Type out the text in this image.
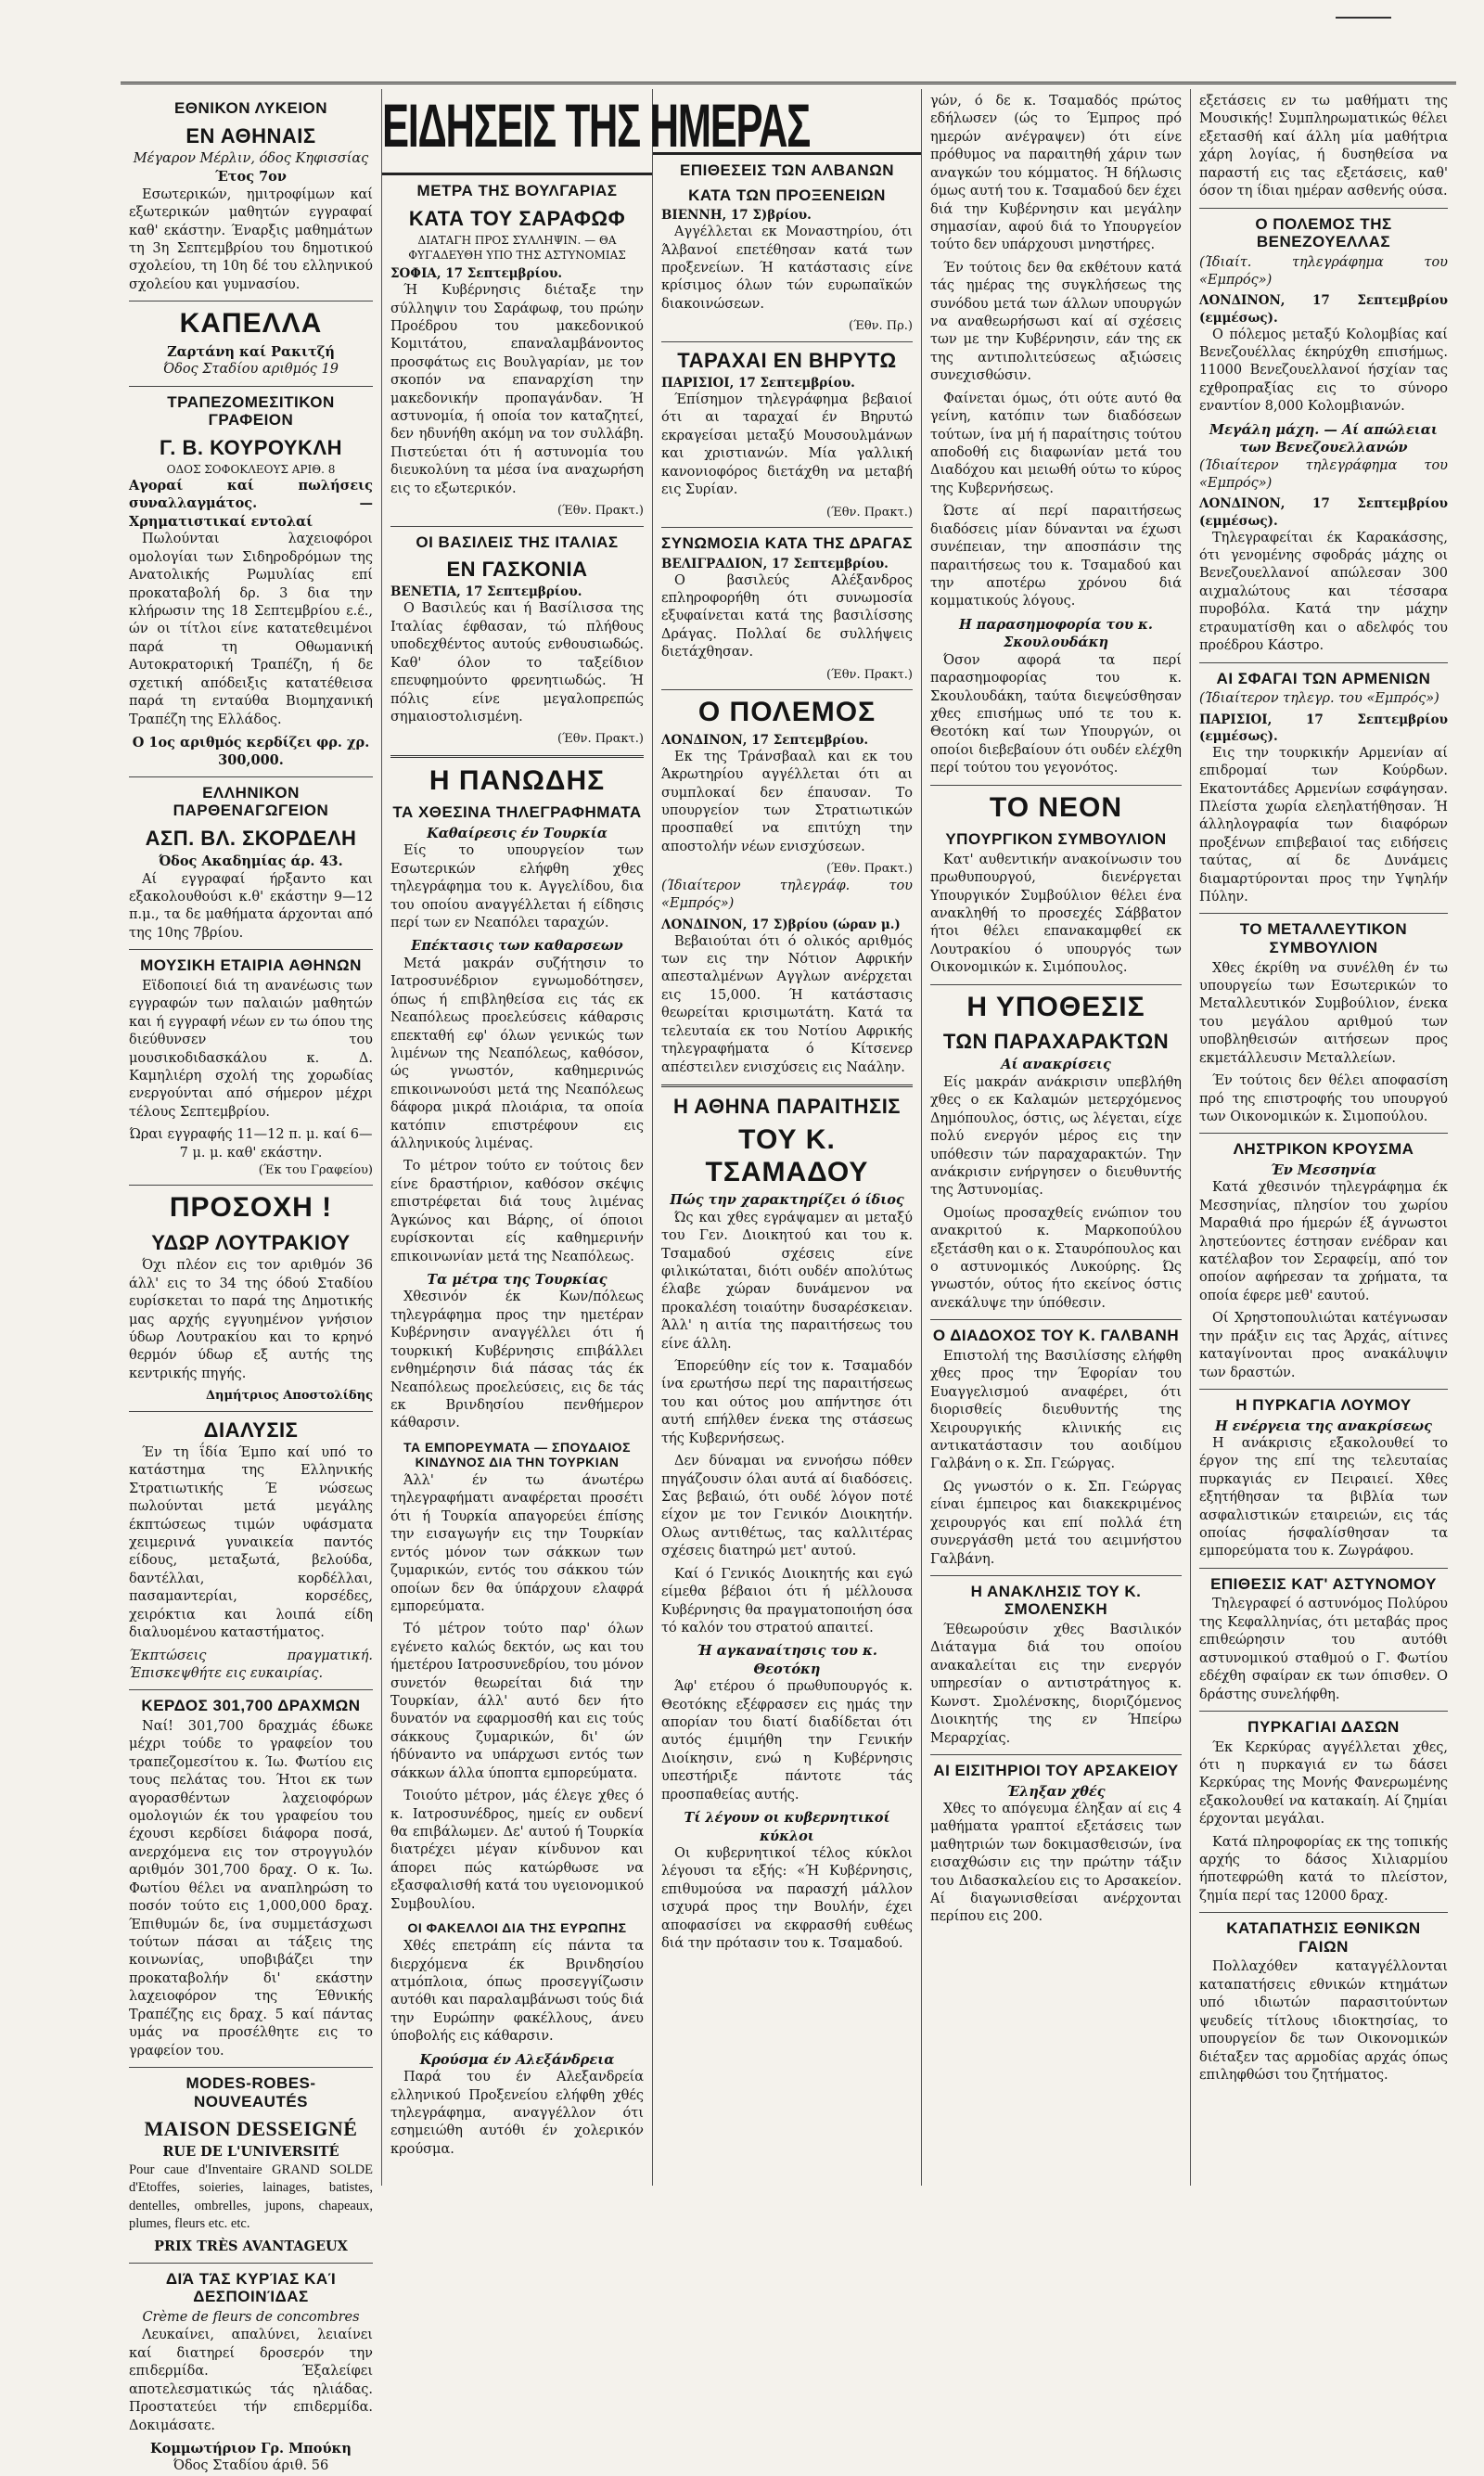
ΕΘΝΙΚΟΝ ΛΥΚΕΙΟΝ
ΕΝ ΑΘΗΝΑΙΣ
Μέγαρον Μέρλιν, όδος Κηφισσίας
Έτος 7ον

Εσωτερικών, ημιτροφίμων καί εξωτερικών μαθητών εγγραφαί καθ' εκάστην. Έναρξις μαθημάτων τη 3η Σεπτεμβρίου του δημοτικού σχολείου, τη 10η δέ του ελληνικού σχολείου και γυμνασίου.

ΚΑΠΕΛΛΑ
Ζαρτάνη καί Ρακιτζή
Όδος Σταδίου αριθμός 19
ΤΡΑΠΕΖΟΜΕΣΙΤΙΚΟΝ ΓΡΑΦΕΙΟΝ
Γ. Β. ΚΟΥΡΟΥΚΛΗ
ΟΔΟΣ ΣΟΦΟΚΛΕΟΥΣ ΑΡΙΘ. 8
Αγοραί καί πωλήσεις συναλλαγμάτος. — Χρηματιστικαί εντολαί

Πωλούνται λαχειοφόροι ομολογίαι των Σιδηροδρόμων της Ανατολικής Ρωμυλίας επί προκαταβολή δρ. 3 δια την κλήρωσιν της 18 Σεπτεμβρίου ε.έ., ών οι τίτλοι είνε κατατεθειμένοι παρά τη Οθωμανική Αυτοκρατορική Τραπέζη, ή δε σχετική απόδειξις κατατέθεισα παρά τη ενταύθα Βιομηχανική Τραπέζη της Ελλάδος.

Ο 1ος αριθμός κερδίζει φρ. χρ. 300,000.
ΕΛΛΗΝΙΚΟΝ ΠΑΡΘΕΝΑΓΩΓΕΙΟΝ
ΑΣΠ. ΒΛ. ΣΚΟΡΔΕΛΗ
Όδος Ακαδημίας άρ. 43.

Αί εγγραφαί ήρξαντο και εξακολουθούσι κ.θ' εκάστην 9—12 π.μ., τα δε μαθήματα άρχονται από της 10ης 7βρίου.

ΜΟΥΣΙΚΗ ΕΤΑΙΡΙΑ ΑΘΗΝΩΝ

Εϊδοποιεί διά τη ανανέωσις των εγγραφών των παλαιών μαθητών και ή εγγραφή νέων εν τω όπου της διεύθυνσεν του μουσικοδιδασκάλου κ. Δ. Καμηλιέρη σχολή της χορωδίας ενεργούνται από σήμερον μέχρι τέλους Σεπτεμβρίου.

Ώραι εγγραφής 11—12 π. μ. καί 6—7 μ. μ. καθ' εκάστην.
(Έκ του Γραφείου)
ΠΡΟΣΟΧΗ !
ΥΔΩΡ ΛΟΥΤΡΑΚΙΟΥ

Όχι πλέον εις τον αριθμόν 36 άλλ' εις το 34 της όδού Σταδίου ευρίσκεται το παρά της Δημοτικής μας αρχής εγγυημένον γνήσιον ύδωρ Λουτρακίου και το κρηνό θερμόν ύδωρ εξ αυτής της κεντρικής πηγής.

Δημήτριος Αποστολίδης
ΔΙΑΛΥΣΙΣ

Έν τη ΐδία Έμπο καί υπό το κατάστημα της Ελληνικής Στρατιωτικής Έ νώσεως πωλούνται μετά μεγάλης έκπτώσεως τιμών υφάσματα χειμερινά γυναικεία παντός είδους, μεταξωτά, βελούδα, δαντέλλαι, κορδέλλαι, πασαμαντερίαι, κορσέδες, χειρόκτια και λοιπά είδη διαλυομένου καταστήματος.

Έκπτώσεις πραγματική. Έπισκεψθήτε εις ευκαιρίας.
ΚΕΡΔΟΣ 301,700 ΔΡΑΧΜΩΝ

Ναί! 301,700 δραχμάς έδωκε μέχρι τούδε το γραφείον του τραπεζομεσίτου κ. Ίω. Φωτίου εις τους πελάτας του. Ήτοι εκ των αγορασθέντων λαχειοφόρων ομολογιών έκ του γραφείου του έχουσι κερδίσει διάφορα ποσά, ανερχόμενα εις τον στρογγυλόν αριθμόν 301,700 δραχ. Ο κ. Ίω. Φωτίου θέλει να αναπληρώση το ποσόν τούτο εις 1,000,000 δραχ. Έπιθυμών δε, ίνα συμμετάσχωσι τούτων πάσαι αι τάξεις της κοινωνίας, υποβιβάζει την προκαταβολήν δι' εκάστην λαχειοφόρον της Έθνικής Τραπέζης εις δραχ. 5 καί πάντας υμάς να προσέλθητε εις το γραφείον του.

MODES-ROBES-NOUVEAUTÉS
MAISON DESSEIGNÉ
RUE DE L'UNIVERSITÉ

Pour caue d'Inventaire GRAND SOLDE d'Etoffes, soieries, lainages, batistes, dentelles, ombrelles, jupons, chapeaux, plumes, fleurs etc. etc.

PRIX TRÈS AVANTAGEUX
ΔΙΆ ΤΆΣ ΚΥΡΊΑΣ ΚΑΊ ΔΕΣΠΟΙΝΊΔΑΣ
Crème de fleurs de concombres

Λευκαίνει, απαλύνει, λειαίνει καί διατηρεί δροσερόν την επιδερμίδα. Έξαλείφει αποτελεσματικώς τάς ηλιάδας. Προστατεύει τήν επιδερμίδα. Δοκιμάσατε.

Κομμωτήριον Γρ. Μπούκη
Όδος Σταδίου άριθ. 56
ΕΙΔΗΣΕΙΣ ΤΗΣ ΗΜΕΡΑΣ
ΜΕΤΡΑ ΤΗΣ ΒΟΥΛΓΑΡΙΑΣ
ΚΑΤΑ ΤΟΥ ΣΑΡΑΦΩΦ
ΔΙΑΤΑΓΗ ΠΡΟΣ ΣΥΛΛΗΨΙΝ. — ΘΑ ΦΥΓΑΔΕΥΘΗ ΥΠΟ ΤΗΣ ΑΣΤΥΝΟΜΙΑΣ
ΣΟΦΙΑ, 17 Σεπτεμβρίου.

Ή Κυβέρνησις διέταξε την σύλληψιν του Σαράφωφ, του πρώην Προέδρου του μακεδονικού Κομιτάτου, επαναλαμβάνοντος προσφάτως εις Βουλγαρίαν, με τον σκοπόν να επαναρχίση την μακεδονικήν προπαγάνδαν. Ή αστυνομία, ή οποία τον καταζητεί, δεν ηδυνήθη ακόμη να τον συλλάβη. Πιστεύεται ότι ή αστυνομία του διευκολύνη τα μέσα ίνα αναχωρήση εις το εξωτερικόν.

(Έθν. Πρακτ.)
ΟΙ ΒΑΣΙΛΕΙΣ ΤΗΣ ΙΤΑΛΙΑΣ
ΕΝ ΓΑΣΚΟΝΙΑ
ΒΕΝΕΤΙΑ, 17 Σεπτεμβρίου.

Ο Βασιλεύς και ή Βασίλισσα της Ιταλίας έφθασαν, τώ πλήθους υποδεχθέντος αυτούς ενθουσιωδώς. Καθ' όλον το ταξείδιον επευφημούντο φρενητιωδώς. Ή πόλις είνε μεγαλοπρεπώς σημαιοστολισμένη.

(Έθν. Πρακτ.)
Η ΠΑΝΩΔΗΣ
ΤΑ ΧΘΕΣΙΝΑ ΤΗΛΕΓΡΑΦΗΜΑΤΑ
Καθαίρεσις έν Τουρκία

Είς το υπουργείον των Εσωτερικών ελήφθη χθες τηλεγράφημα του κ. Αγγελίδου, δια του οποίου αναγγέλλεται ή είδησις περί των εν Νεαπόλει ταραχών.

Επέκτασις των καθαρσεων

Μετά μακράν συζήτησιν το Ιατροσυνέδριον εγνωμοδότησεν, όπως ή επιβληθείσα εις τάς εκ Νεαπόλεως προελεύσεις κάθαρσις επεκταθή εφ' όλων γενικώς των λιμένων της Νεαπόλεως, καθόσον, ώς γνωστόν, καθημερινώς επικοινωνούσι μετά της Νεαπόλεως δάφορα μικρά πλοιάρια, τα οποία κατόπιν επιστρέφουν εις άλληνικούς λιμένας.

Το μέτρον τούτο εν τούτοις δεν είνε δραστήριον, καθόσον σκέψις επιστρέφεται διά τους λιμένας Άγκώνος και Βάρης, οί όποιοι ευρίσκονται είς καθημερινήν επικοινωνίαν μετά της Νεαπόλεως.

Τα μέτρα της Τουρκίας

Χθεσινόν έκ Κων/πόλεως τηλεγράφημα προς την ημετέραν Κυβέρνησιν αναγγέλλει ότι ή τουρκική Κυβέρνησις επιβάλλει ενθημέρησιν διά πάσας τάς έκ Νεαπόλεως προελεύσεις, εις δε τάς εκ Βρινδησίου πενθήμερον κάθαρσιν.

ΤΑ ΕΜΠΟΡΕΥΜΑΤΑ — ΣΠΟΥΔΑΙΟΣ ΚΙΝΔΥΝΟΣ ΔΙΑ ΤΗΝ ΤΟΥΡΚΙΑΝ

Άλλ' έν τω άνωτέρω τηλεγραφήματι αναφέρεται προσέτι ότι ή Τουρκία απαγορεύει έπίσης την εισαγωγήν εις την Τουρκίαν εντός μόνον των σάκκων των ζυμαρικών, εντός του σάκκου τών οποίων δεν θα ύπάρχουν ελαφρά εμπορεύματα.

Τό μέτρον τούτο παρ' όλων εγένετο καλώς δεκτόν, ως και του ήμετέρου Ιατροσυνεδρίου, του μόνον συνετόν θεωρείται διά την Τουρκίαν, άλλ' αυτό δεν ήτο δυνατόν να εφαρμοσθή και εις τούς σάκκους ζυμαρικών, δι' ών ήδύναντο να υπάρχωσι εντός των σάκκων άλλα ύποπτα εμπορεύματα.

Τοιούτο μέτρον, μάς έλεγε χθες ό κ. Ιατροσυνέδρος, ημείς εν ουδενί θα επιβάλωμεν. Δε' αυτού ή Τουρκία διατρέχει μέγαν κίνδυνον και άπορει πώς κατώρθωσε να εξασφαλισθή κατά του υγειονομικού Συμβουλίου.

ΟΙ ΦΑΚΕΛΛΟΙ ΔΙΑ ΤΗΣ ΕΥΡΩΠΗΣ

Χθές επετράπη είς πάντα τα διερχόμενα έκ Βρινδησίου ατμόπλοια, όπως προσεγγίζωσιν αυτόθι και παραλαμβάνωσι τούς διά την Ευρώπην φακέλλους, άνευ ύποβολής εις κάθαρσιν.

Κρούσμα έν Αλεξάνδρεια

Παρά του έν Αλεξανδρεία ελληνικού Προξενείου ελήφθη χθές τηλεγράφημα, αναγγέλλον ότι εσημειώθη αυτόθι έν χολερικόν κρούσμα.

ΕΠΙΘΕΣΕΙΣ ΤΩΝ ΑΛΒΑΝΩΝ
ΚΑΤΑ ΤΩΝ ΠΡΟΞΕΝΕΙΩΝ
ΒΙΕΝΝΗ, 17 Σ)βρίου.

Αγγέλλεται εκ Μοναστηρίου, ότι Άλβανοί επετέθησαν κατά των προξενείων. Ή κατάστασις είνε κρίσιμος όλων τών ευρωπαϊκών διακοινώσεων.

(Έθν. Πρ.)
ΤΑΡΑΧΑΙ ΕΝ ΒΗΡΥΤΩ
ΠΑΡΙΣΙΟΙ, 17 Σεπτεμβρίου.

Έπίσημον τηλεγράφημα βεβαιοί ότι αι ταραχαί έν Βηρυτώ εκραγείσαι μεταξύ Μουσουλμάνων και χριστιανών. Μία γαλλική κανονιοφόρος διετάχθη να μεταβή εις Συρίαν.

(Έθν. Πρακτ.)
ΣΥΝΩΜΟΣΙΑ ΚΑΤΑ ΤΗΣ ΔΡΑΓΑΣ
ΒΕΛΙΓΡΑΔΙΟΝ, 17 Σεπτεμβρίου.

Ο βασιλεύς Αλέξανδρος επληροφορήθη ότι συνωμοσία εξυφαίνεται κατά της βασιλίσσης Δράγας. Πολλαί δε συλλήψεις διετάχθησαν.

(Έθν. Πρακτ.)
Ο ΠΟΛΕΜΟΣ
ΛΟΝΔΙΝΟΝ, 17 Σεπτεμβρίου.

Εκ της Τράνσβααλ και εκ του Άκρωτηρίου αγγέλλεται ότι αι συμπλοκαί δεν έπαυσαν. Το υπουργείον των Στρατιωτικών προσπαθεί να επιτύχη την αποστολήν νέων ενισχύσεων.

(Έθν. Πρακτ.)
(Ίδιαίτερον τηλεγράφ. του «Εμπρός»)
ΛΟΝΔΙΝΟΝ, 17 Σ)βρίου (ώραν μ.)

Βεβαιούται ότι ό ολικός αριθμός των εις την Νότιον Αφρικήν απεσταλμένων Αγγλων ανέρχεται εις 15,000. Ή κατάστασις θεωρείται κρισιμωτάτη. Κατά τα τελευταία εκ του Νοτίου Αφρικής τηλεγραφήματα ό Κίτσενερ απέστειλεν ενισχύσεις εις Ναάλην.

Η ΑΘΗΝΑ ΠΑΡΑΙΤΗΣΙΣ
ΤΟΥ Κ. ΤΣΑΜΑΔΟΥ
Πώς την χαρακτηρίζει ό ίδιος

Ώς και χθες εγράψαμεν αι μεταξύ του Γεν. Διοικητού και του κ. Τσαμαδού σχέσεις είνε φιλικώταται, διότι ουδέν απολύτως έλαβε χώραν δυνάμενον να προκαλέση τοιαύτην δυσαρέσκειαν. Άλλ' η αιτία της παραιτήσεως του είνε άλλη.

Έπορεύθην είς τον κ. Τσαμαδόν ίνα ερωτήσω περί της παραιτήσεως του και ούτος μου απήντησε ότι αυτή επήλθεν ένεκα της στάσεως τής Κυβερνήσεως.

Δεν δύναμαι να εννοήσω πόθεν πηγάζουσιν όλαι αυτά αί διαδόσεις. Σας βεβαιώ, ότι ουδέ λόγον ποτέ είχον με τον Γενικόν Διοικητήν. Ολως αντιθέτως, τας καλλιτέρας σχέσεις διατηρώ μετ' αυτού.

Καί ό Γενικός Διοικητής και εγώ είμεθα βέβαιοι ότι ή μέλλουσα Κυβέρνησις θα πραγματοποιήση όσα τό καλόν του στρατού απαιτεί.

Ή αγκαναίτησις του κ. Θεοτόκη

Άφ' ετέρου ό πρωθυπουργός κ. Θεοτόκης εξέφρασεν εις ημάς την απορίαν του διατί διαδίδεται ότι αυτός έμιμήθη την Γενικήν Διοίκησιν, ενώ η Κυβέρνησις υπεστήριξε πάντοτε τάς προσπαθείας αυτής.

Τί λέγουν οι κυβερνητικοί κύκλοι

Οι κυβερνητικοί τέλος κύκλοι λέγουσι τα εξής: «Ή Κυβέρνησις, επιθυμούσα να παρασχή μάλλον ισχυρά προς την Βουλήν, έχει αποφασίσει να εκφρασθή ευθέως διά την πρότασιν του κ. Τσαμαδού.

γών, ό δε κ. Τσαμαδός πρώτος εδήλωσεν (ώς το Έμπρος πρό ημερών ανέγραψεν) ότι είνε πρόθυμος να παραιτηθή χάριν των αναγκών του κόμματος. Ή δήλωσις όμως αυτή του κ. Τσαμαδού δεν έχει διά την Κυβέρνησιν και μεγάλην σημασίαν, αφού διά το Υπουργείον τούτο δεν υπάρχουσι μνηστήρες.

Έν τούτοις δεν θα εκθέτουν κατά τάς ημέρας της συγκλήσεως της συνόδου μετά των άλλων υπουργών να αναθεωρήσωσι καί αί σχέσεις των με την Κυβέρνησιν, εάν της εκ της αντιπολιτεύσεως αξιώσεις συνεχισθώσιν.

Φαίνεται όμως, ότι ούτε αυτό θα γείνη, κατόπιν των διαδόσεων τούτων, ίνα μή ή παραίτησις τούτου αποδοθή εις διαφωνίαν μετά του Διαδόχου και μειωθή ούτω το κύρος της Κυβερνήσεως.

Ώστε αί περί παραιτήσεως διαδόσεις μίαν δύνανται να έχωσι συνέπειαν, την αποσπάσιν της παραιτήσεως του κ. Τσαμαδού και την αποτέρω χρόνου διά κομματικούς λόγους.

Η παρασημοφορία του κ. Σκουλουδάκη

Όσον αφορά τα περί παρασημοφορίας του κ. Σκουλουδάκη, ταύτα διεψεύσθησαν χθες επισήμως υπό τε του κ. Θεοτόκη καί των Υπουργών, οι οποίοι διεβεβαίουν ότι ουδέν ελέχθη περί τούτου του γεγονότος.

ΤΟ ΝΕΟΝ
ΥΠΟΥΡΓΙΚΟΝ ΣΥΜΒΟΥΛΙΟΝ

Κατ' αυθεντικήν ανακοίνωσιν του πρωθυπουργού, διενέργεται Υπουργικόν Συμβούλιον θέλει ένα ανακληθή το προσεχές Σάββατον ήτοι θέλει επανακαμφθεί εκ Λουτρακίου ό υπουργός των Οικονομικών κ. Σιμόπουλος.

Η ΥΠΟΘΕΣΙΣ
ΤΩΝ ΠΑΡΑΧΑΡΑΚΤΩΝ
Αί ανακρίσεις

Είς μακράν ανάκρισιν υπεβλήθη χθες ο εκ Καλαμών μετερχόμενος Δημόπουλος, όστις, ως λέγεται, είχε πολύ ενεργόν μέρος εις την υπόθεσιν τών παραχαρακτών. Την ανάκρισιν ενήργησεν ο διευθυντής της Άστυνομίας.

Ομοίως προσαχθείς ενώπιον του ανακριτού κ. Μαρκοπούλου εξετάσθη και ο κ. Σταυρόπουλος και ο αστυνομικός Λυκούρης. Ώς γνωστόν, ούτος ήτο εκείνος όστις ανεκάλυψε την ύπόθεσιν.

Ο ΔΙΑΔΟΧΟΣ ΤΟΥ Κ. ΓΑΛΒΑΝΗ

Επιστολή της Βασιλίσσης ελήφθη χθες προς την Έφορίαν του Ευαγγελισμού αναφέρει, ότι διορισθείς διευθυντής της Χειρουργικής κλινικής εις αντικατάστασιν του αοιδίμου Γαλβάνη ο κ. Σπ. Γεώργας.

Ως γνωστόν ο κ. Σπ. Γεώργας είναι έμπειρος και διακεκριμένος χειρουργός και επί πολλά έτη συνεργάσθη μετά του αειμνήστου Γαλβάνη.

Η ΑΝΑΚΛΗΣΙΣ ΤΟΥ Κ. ΣΜΟΛΕΝΣΚΗ

Έθεωρούσιν χθες Βασιλικόν Διάταγμα διά του οποίου ανακαλείται εις την ενεργόν υπηρεσίαν ο αντιστράτηγος κ. Κωνστ. Σμολένσκης, διοριζόμενος Διοικητής της εν Ήπείρω Μεραρχίας.

ΑΙ ΕΙΣΙΤΗΡΙΟΙ ΤΟΥ ΑΡΣΑΚΕΙΟΥ
Έληξαν χθές

Χθες το απόγευμα έληξαν αί εις 4 μαθήματα γραπτοί εξετάσεις των μαθητριών των δοκιμασθεισών, ίνα εισαχθώσιν εις την πρώτην τάξιν του Διδασκαλείου εις το Αρσακείον. Αί διαγωνισθείσαι ανέρχονται περίπου εις 200.

εξετάσεις εν τω μαθήματι της Μουσικής! Συμπληρωματικώς θέλει εξετασθή καί άλλη μία μαθήτρια χάρη λογίας, ή δυσηθείσα να παραστή εις τας εξετάσεις, καθ' όσον τη ίδιαι ημέραν ασθενής ούσα.

Ο ΠΟΛΕΜΟΣ ΤΗΣ ΒΕΝΕΖΟΥΕΛΛΑΣ
(Ίδιαίτ. τηλεγράφημα του «Εμπρός»)
ΛΟΝΔΙΝΟΝ, 17 Σεπτεμβρίου (εμμέσως).

Ο πόλεμος μεταξύ Κολομβίας καί Βενεζουέλλας έκηρύχθη επισήμως. 11000 Βενεζουελλανοί ήσχίαν τας εχθροπραξίας εις το σύνορο εναντίον 8,000 Κολομβιανών.

Μεγάλη μάχη. — Αί απώλειαι των Βενεζουελλανών
(Ίδιαίτερον τηλεγράφημα του «Εμπρός»)
ΛΟΝΔΙΝΟΝ, 17 Σεπτεμβρίου (εμμέσως).

Τηλεγραφείται έκ Καρακάσσης, ότι γενομένης σφοδράς μάχης οι Βενεζουελλανοί απώλεσαν 300 αιχμαλώτους και τέσσαρα πυροβόλα. Κατά την μάχην ετραυματίσθη και ο αδελφός του προέδρου Κάστρο.

ΑΙ ΣΦΑΓΑΙ ΤΩΝ ΑΡΜΕΝΙΩΝ
(Ίδιαίτερον τηλεγρ. του «Εμπρός»)
ΠΑΡΙΣΙΟΙ, 17 Σεπτεμβρίου (εμμέσως).

Εις την τουρκικήν Αρμενίαν αί επιδρομαί των Κούρδων. Εκατοντάδες Αρμενίων εσφάγησαν. Πλείστα χωρία ελεηλατήθησαν. Ή άλληλογραφία των διαφόρων προξένων επιβεβαιοί τας ειδήσεις ταύτας, αί δε Δυνάμεις διαμαρτύρονται προς την Υψηλήν Πύλην.

ΤΟ ΜΕΤΑΛΛΕΥΤΙΚΟΝ ΣΥΜΒΟΥΛΙΟΝ

Χθες έκρίθη να συνέλθη έν τω υπουργείω των Εσωτερικών το Μεταλλευτικόν Συμβούλιον, ένεκα του μεγάλου αριθμού των υποβληθεισών αιτήσεων προς εκμετάλλευσιν Μεταλλείων.

Έν τούτοις δεν θέλει αποφασίση πρό της επιστροφής του υπουργού των Οικονομικών κ. Σιμοπούλου.

ΛΗΣΤΡΙΚΟΝ ΚΡΟΥΣΜΑ
Έν Μεσσηνία

Κατά χθεσινόν τηλεγράφημα έκ Μεσσηνίας, πλησίον του χωρίου Μαραθιά προ ήμερών έξ άγνωστοι ληστεύοντες έστησαν ενέδραν και κατέλαβον τον Σεραφείμ, από τον οποίον αφήρεσαν τα χρήματα, τα οποία έφερε μεθ' εαυτού.

Οί Χρηστοπουλιώται κατέγνωσαν την πράξιν εις τας Άρχάς, αίτινες καταγίνονται προς ανακάλυψιν των δραστών.

Η ΠΥΡΚΑΓΙΑ ΛΟΥΜΟΥ
Η ενέργεια της ανακρίσεως

Η ανάκρισις εξακολουθεί το έργον της επί της τελευταίας πυρκαγιάς εν Πειραιεί. Χθες εξητήθησαν τα βιβλία των ασφαλιστικών εταιρειών, εις τάς οποίας ήσφαλίσθησαν τα εμπορεύματα του κ. Ζωγράφου.

ΕΠΙΘΕΣΙΣ ΚΑΤ' ΑΣΤΥΝΟΜΟΥ

Τηλεγραφεί ό αστυνόμος Πολύρου της Κεφαλληνίας, ότι μεταβάς προς επιθεώρησιν του αυτόθι αστυνομικού σταθμού ο Γ. Φωτίου εδέχθη σφαίραν εκ των όπισθεν. Ο δράστης συνελήφθη.

ΠΥΡΚΑΓΙΑΙ ΔΑΣΩΝ

Έκ Κερκύρας αγγέλλεται χθες, ότι η πυρκαγιά εν τω δάσει Κερκύρας της Μονής Φανερωμένης εξακολουθεί να κατακαίη. Αί ζημίαι έρχονται μεγάλαι.

Κατά πληροφορίας εκ της τοπικής αρχής το δάσος Χιλιαρμίου ήποτεφρώθη κατά το πλείστον, ζημία περί τας 12000 δραχ.

ΚΑΤΑΠΑΤΗΣΙΣ ΕΘΝΙΚΩΝ ΓΑΙΩΝ

Πολλαχόθεν καταγγέλλονται καταπατήσεις εθνικών κτημάτων υπό ιδιωτών παρασιτούντων ψευδείς τίτλους ιδιοκτησίας, το υπουργείον δε των Οικονομικών διέταξεν τας αρμοδίας αρχάς όπως επιληφθώσι του ζητήματος.
